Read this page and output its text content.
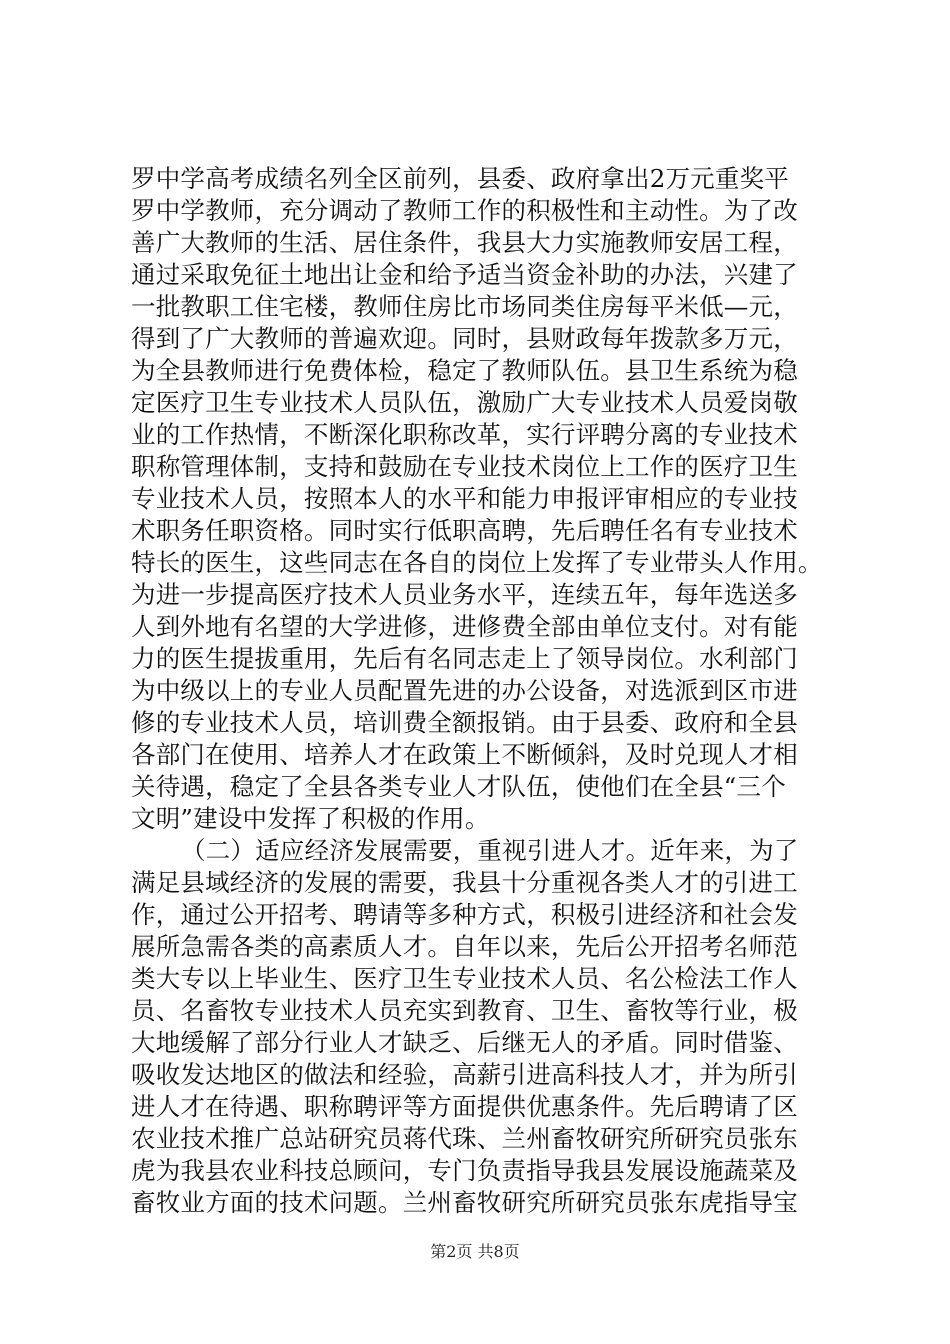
罗中学高考成绩名列全区前列，县委、政府拿出2万元重奖平
罗中学教师，充分调动了教师工作的积极性和主动性。为了改
善广大教师的生活、居住条件，我县大力实施教师安居工程，
通过采取免征土地出让金和给予适当资金补助的办法，兴建了
一批教职工住宅楼，教师住房比市场同类住房每平米低—元，
得到了广大教师的普遍欢迎。同时，县财政每年拨款多万元，
为全县教师进行免费体检，稳定了教师队伍。县卫生系统为稳
定医疗卫生专业技术人员队伍，激励广大专业技术人员爱岗敬
业的工作热情，不断深化职称改革，实行评聘分离的专业技术
职称管理体制，支持和鼓励在专业技术岗位上工作的医疗卫生
专业技术人员，按照本人的水平和能力申报评审相应的专业技
术职务任职资格。同时实行低职高聘，先后聘任名有专业技术
特长的医生，这些同志在各自的岗位上发挥了专业带头人作用。
为进一步提高医疗技术人员业务水平，连续五年，每年选送多
人到外地有名望的大学进修，进修费全部由单位支付。对有能
力的医生提拔重用，先后有名同志走上了领导岗位。水利部门
为中级以上的专业人员配置先进的办公设备，对选派到区市进
修的专业技术人员，培训费全额报销。由于县委、政府和全县
各部门在使用、培养人才在政策上不断倾斜，及时兑现人才相
关待遇，稳定了全县各类专业人才队伍，使他们在全县“三个
文明”建设中发挥了积极的作用。
（二）适应经济发展需要，重视引进人才。近年来，为了
满足县域经济的发展的需要，我县十分重视各类人才的引进工
作，通过公开招考、聘请等多种方式，积极引进经济和社会发
展所急需各类的高素质人才。自年以来，先后公开招考名师范
类大专以上毕业生、医疗卫生专业技术人员、名公检法工作人
员、名畜牧专业技术人员充实到教育、卫生、畜牧等行业，极
大地缓解了部分行业人才缺乏、后继无人的矛盾。同时借鉴、
吸收发达地区的做法和经验，高薪引进高科技人才，并为所引
进人才在待遇、职称聘评等方面提供优惠条件。先后聘请了区
农业技术推广总站研究员蒋代珠、兰州畜牧研究所研究员张东
虎为我县农业科技总顾问，专门负责指导我县发展设施蔬菜及
畜牧业方面的技术问题。兰州畜牧研究所研究员张东虎指导宝
第2页 共8页
